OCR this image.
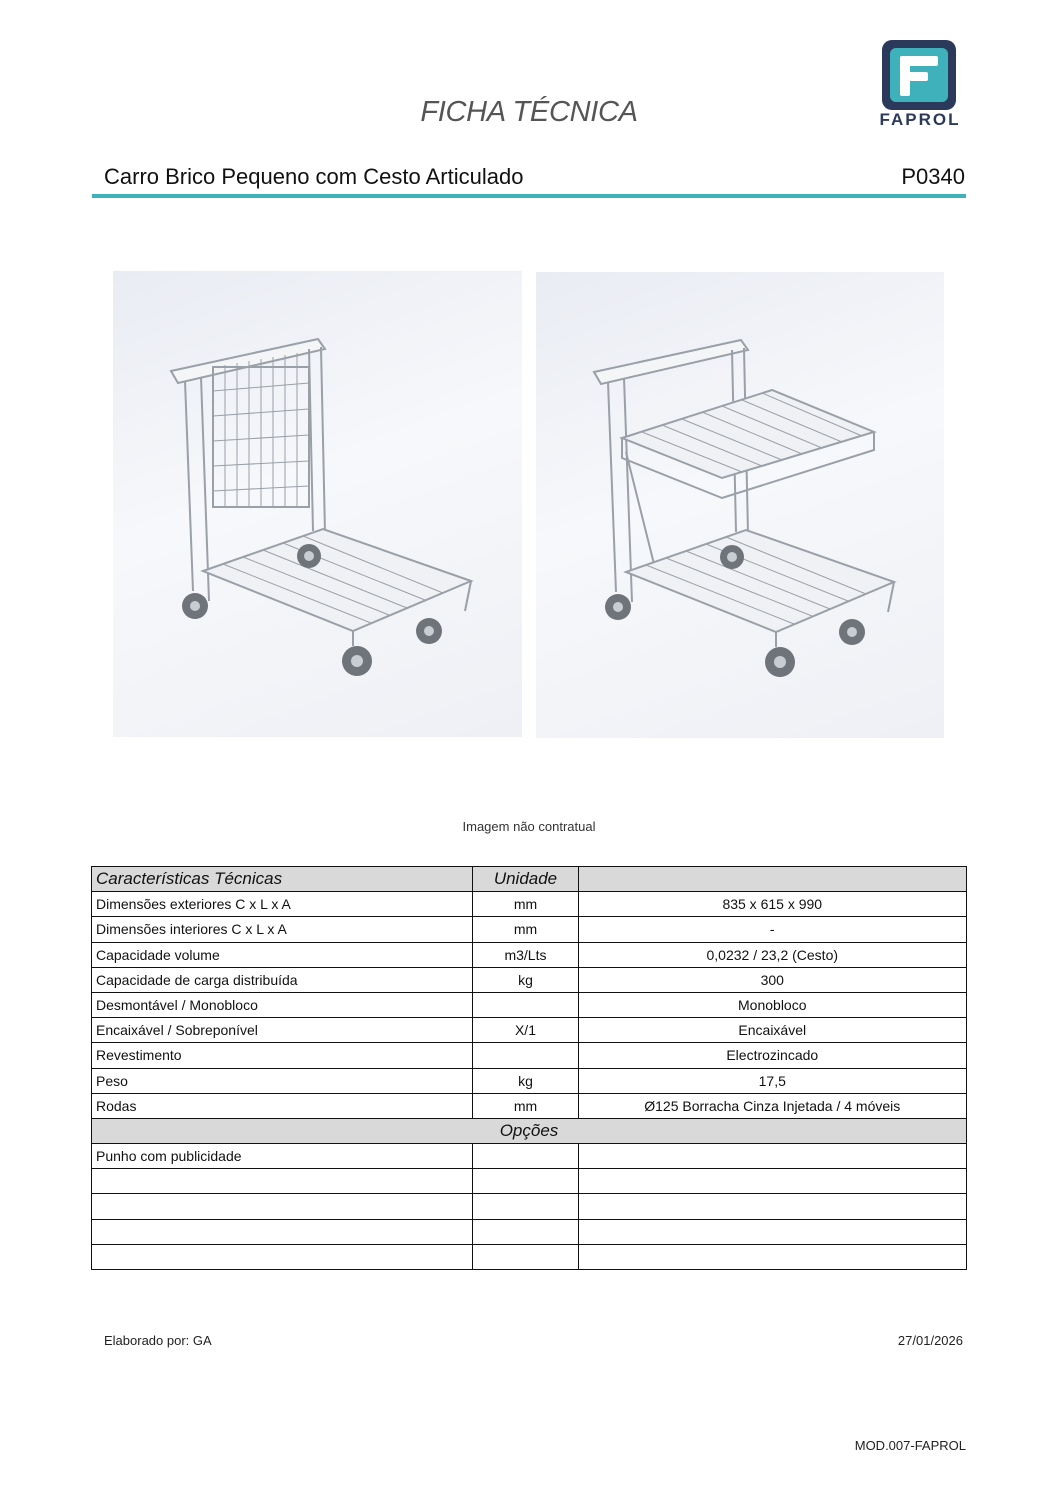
FICHA TÉCNICA	FAPROL
Carro Brico Pequeno com Cesto Articulado	P0340
Imagem não contratual
Características Técnicas	Unidade	
Dimensões exteriores C x L x A	mm	835 x 615 x 990
Dimensões interiores C x L x A	mm	-
Capacidade volume	m3/Lts	0,0232 / 23,2 (Cesto)
Capacidade de carga distribuída	kg	300
Desmontável / Monobloco		Monobloco
Encaixável / Sobreponível	X/1	Encaixável
Revestimento		Electrozincado
Peso	kg	17,5
Rodas	mm	Ø125 Borracha Cinza Injetada / 4 móveis
Opções		
Punho com publicidade		

Elaborado por: GA	27/01/2026
MOD.007-FAPROL
